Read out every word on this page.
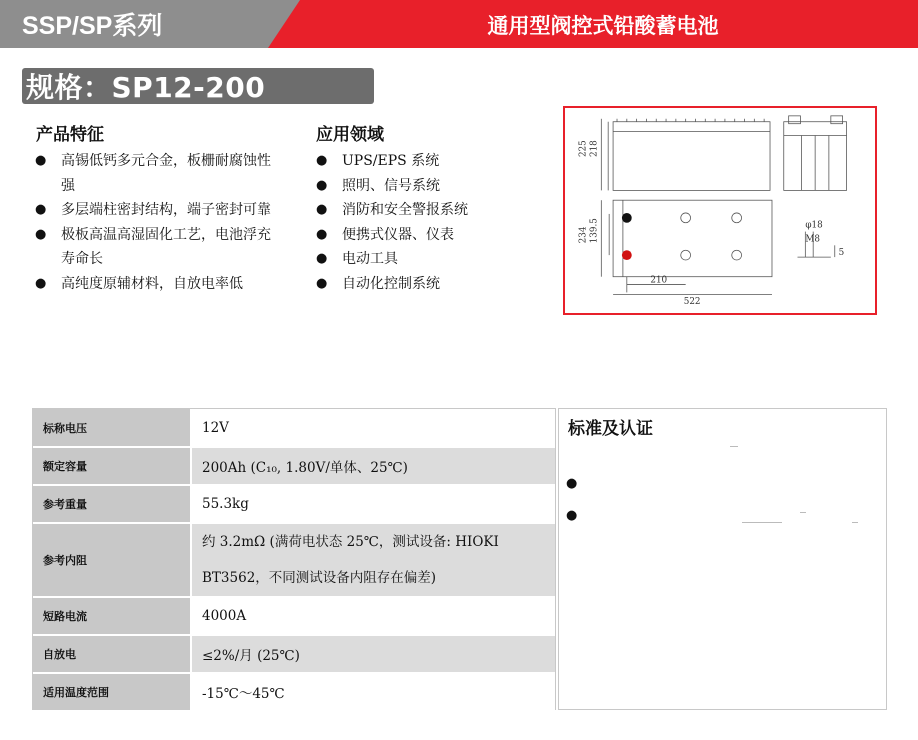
SSP/SP系列	通用型阀控式铅酸蓄电池
规格：SP12-200
产品特征
● 高锡低钙多元合金，板栅耐腐蚀性强
● 多层端柱密封结构，端子密封可靠
● 极板高温高湿固化工艺，电池浮充寿命长
● 高纯度原辅材料，自放电率低
应用领域
● UPS/EPS 系统
● 照明、信号系统
● 消防和安全警报系统
● 便携式仪器、仪表
● 电动工具
● 自动化控制系统
225 218
234 139.5
210
522
φ18
M8
5
标称电压	12V
额定容量	200Ah (C₁₀, 1.80V/单体、25℃)
参考重量	55.3kg
参考内阻	约 3.2mΩ (满荷电状态 25℃，测试设备: HIOKI BT3562，不同测试设备内阻存在偏差)
短路电流	4000A
自放电	≤2%/月 (25℃)
适用温度范围	-15℃～45℃
标准及认证
●
●
